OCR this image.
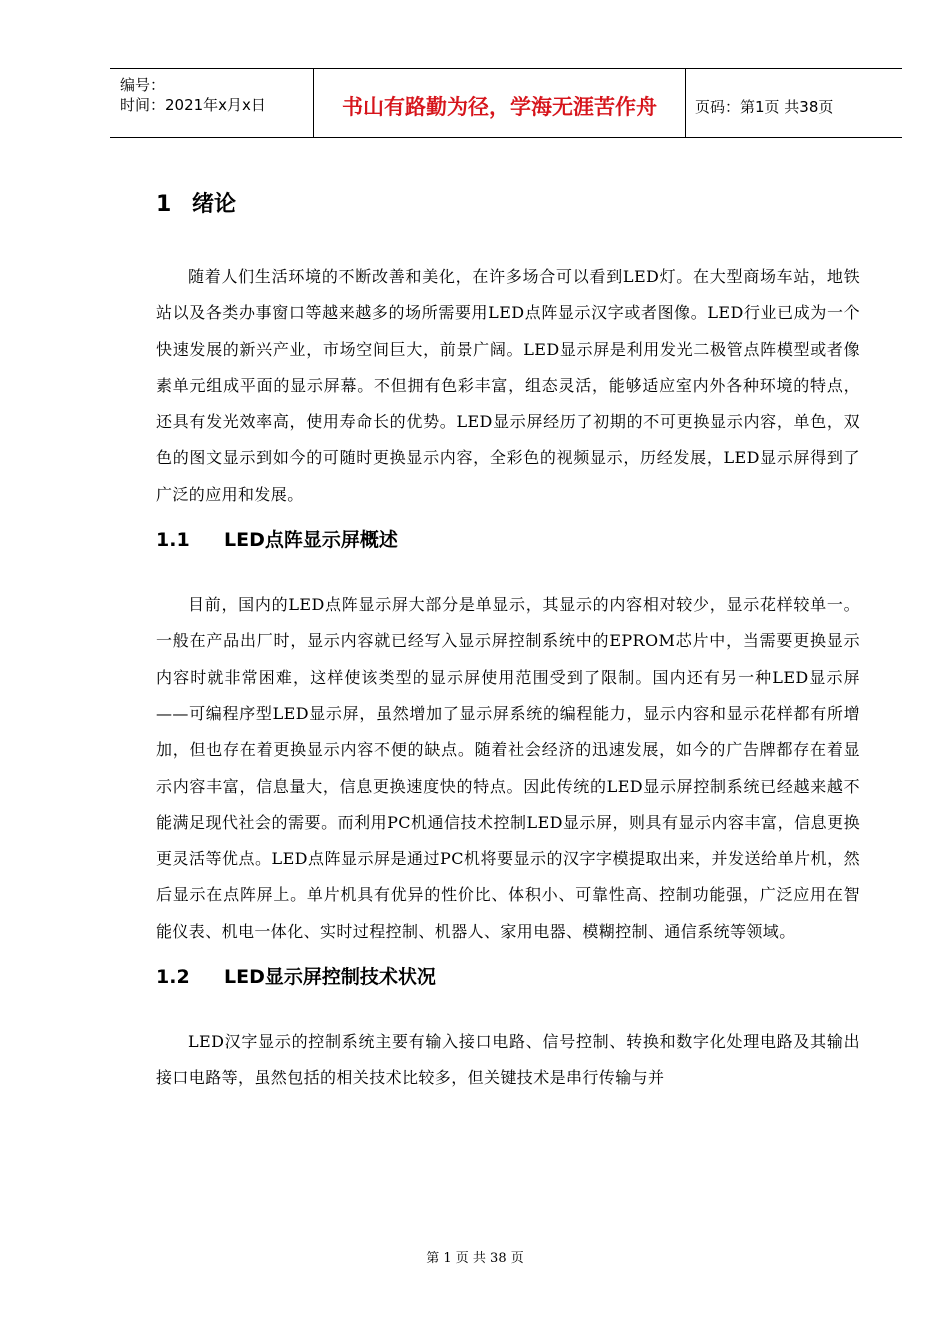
编号：
时间：2021年x月x日	书山有路勤为径，学海无涯苦作舟	页码：第1页 共38页
1 绪论

随着人们生活环境的不断改善和美化，在许多场合可以看到LED灯。在大型商场车站，地铁站以及各类办事窗口等越来越多的场所需要用LED点阵显示汉字或者图像。LED行业已成为一个快速发展的新兴产业，市场空间巨大，前景广阔。LED显示屏是利用发光二极管点阵模型或者像素单元组成平面的显示屏幕。不但拥有色彩丰富，组态灵活，能够适应室内外各种环境的特点，还具有发光效率高，使用寿命长的优势。LED显示屏经历了初期的不可更换显示内容，单色，双色的图文显示到如今的可随时更换显示内容，全彩色的视频显示，历经发展，LED显示屏得到了广泛的应用和发展。

1.1 LED点阵显示屏概述

目前，国内的LED点阵显示屏大部分是单显示，其显示的内容相对较少，显示花样较单一。一般在产品出厂时，显示内容就已经写入显示屏控制系统中的EPROM芯片中，当需要更换显示内容时就非常困难，这样使该类型的显示屏使用范围受到了限制。国内还有另一种LED显示屏——可编程序型LED显示屏，虽然增加了显示屏系统的编程能力，显示内容和显示花样都有所增加，但也存在着更换显示内容不便的缺点。随着社会经济的迅速发展，如今的广告牌都存在着显示内容丰富，信息量大，信息更换速度快的特点。因此传统的LED显示屏控制系统已经越来越不能满足现代社会的需要。而利用PC机通信技术控制LED显示屏，则具有显示内容丰富，信息更换更灵活等优点。LED点阵显示屏是通过PC机将要显示的汉字字模提取出来，并发送给单片机，然后显示在点阵屏上。单片机具有优异的性价比、体积小、可靠性高、控制功能强，广泛应用在智能仪表、机电一体化、实时过程控制、机器人、家用电器、模糊控制、通信系统等领域。

1.2 LED显示屏控制技术状况

LED汉字显示的控制系统主要有输入接口电路、信号控制、转换和数字化处理电路及其输出接口电路等，虽然包括的相关技术比较多，但关键技术是串行传输与并

第 1 页 共 38 页
